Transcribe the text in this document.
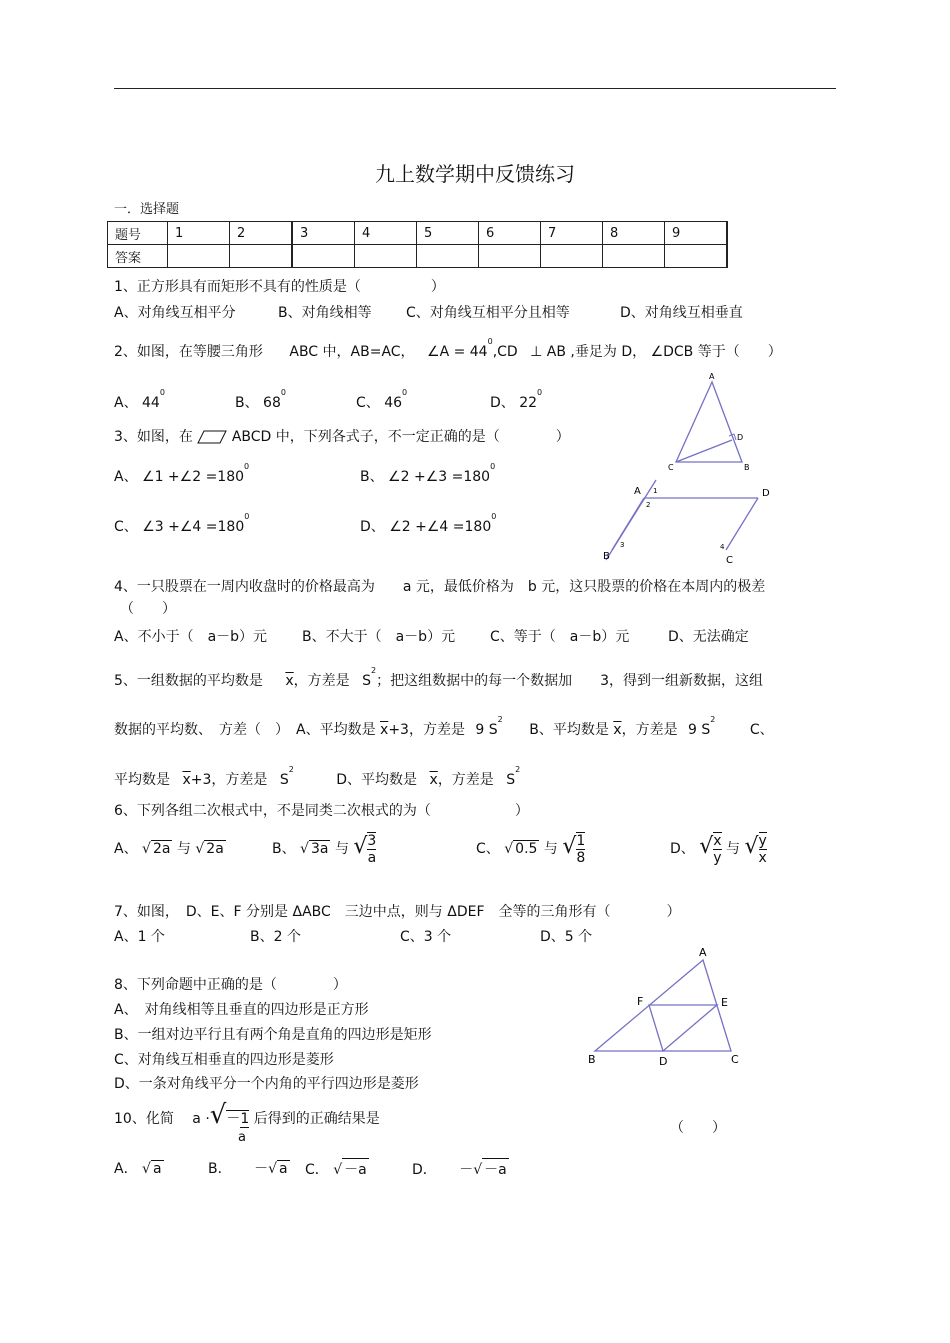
九上数学期中反馈练习
一．选择题
题号	1	2	3	4	5	6	7	8	9
答案									
1、正方形具有而矩形不具有的性质是（　　　　　）
A、对角线互相平分	B、对角线相等 C、对角线互相平分且相等	D、对角线互相垂直
2、如图，在等腰三角形 ABC 中，AB=AC， ∠A = $44^0,CD$ ⊥ AB ,垂足为 D， ∠DCB 等于（　　）
A、 $44^0$
B、 $68^0$
C、 $46^0$
D、 $22^0$
A
C	B
D
3、如图，在	ABCD 中，下列各式子，不一定正确的是（　　　　）
A、 ∠1 +∠2 $=180^0$
B、 ∠2 +∠3 $=180^0$
C、 ∠3 +∠4 $=180^0$
D、 ∠2 +∠4 $=180^0$
A	D
B	C
1
2
3	4
4、一只股票在一周内收盘时的价格最高为　　a 元，最低价格为　b 元，这只股票的价格在本周内的极差
（　　）
A、不小于（　a－b）元 B、不大于（　a－b）元 C、等于（　a－b）元	D、无法确定
5、一组数据的平均数是 $\overline{x}$，方差是 $S^2$；把这组数据中的每一个数据加　　3，得到一组新数据，这组
数据的平均数、　方差（　）　A、平均数是 $\overline{x}+3$，方差是 9 $S^2$ B、平均数是 $\overline{x}$，方差是 9 $S^2$ C、
平均数是 $\overline{x}+3$，方差是 $S^2$ D、平均数是 $\overline{x}$，方差是 $S^2$
6、下列各组二次根式中，不是同类二次根式的为（　　　　　　）
A、 √ 2a 与 √ 2a	B、 √ 3a 与 √ $\frac{3}{a}$	C、 √ 0.5 与 √ $\frac{1}{8}$	D、 √ $\frac{x}{y}$ 与 √ $\frac{y}{x}$
7、如图，　D、E、F 分别是 ΔABC　三边中点，则与 ΔDEF　全等的三角形有（　　　　）
A、1 个	B、2 个	C、3 个	D、5 个
8、下列命题中正确的是（　　　　）
A、　对角线相等且垂直的四边形是正方形
B、一组对边平行且有两个角是直角的四边形是矩形
C、对角线互相垂直的四边形是菱形
D、一条对角线平分一个内角的平行四边形是菱形
A
F	E
B	D	C
10、化简 a ·√－1 后得到的正确结果是
a
（　　）
A． √ a	B． －√ a C． √ －a	D． －√ －a
